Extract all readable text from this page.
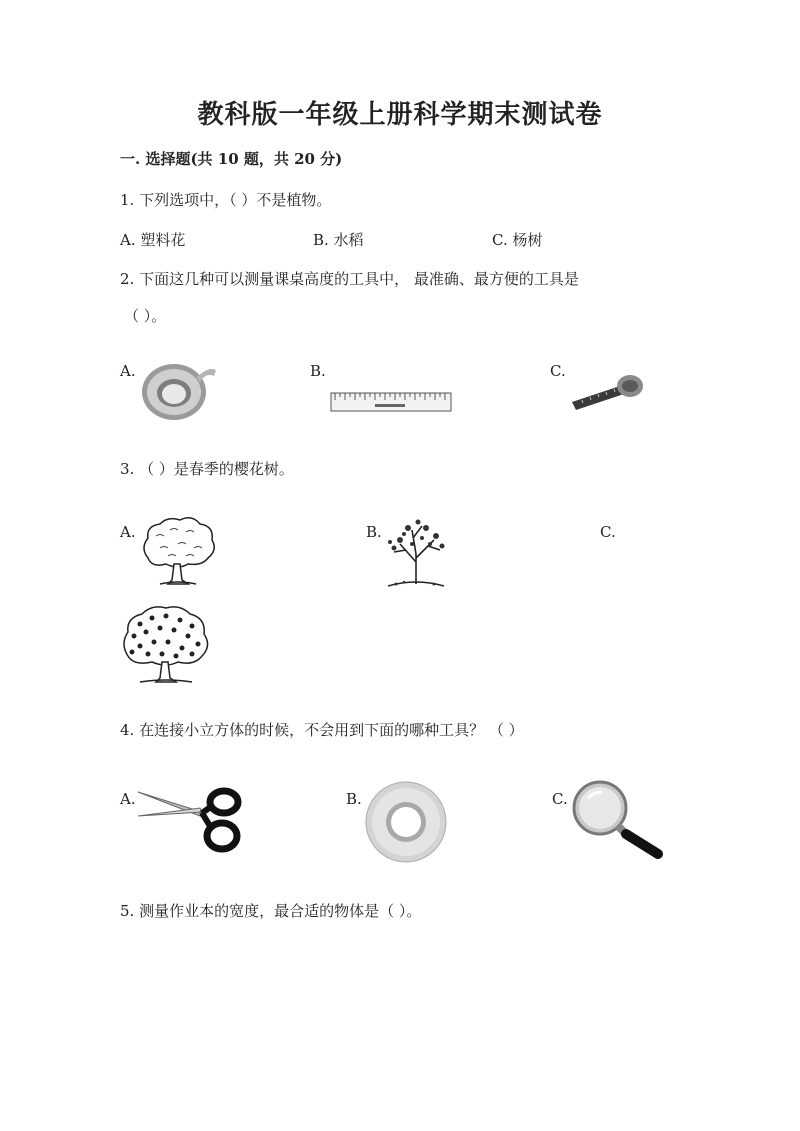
教科版一年级上册科学期末测试卷
一. 选择题(共 10 题，共 20 分)
1. 下列选项中，（ ）不是植物。
A. 塑料花	B. 水稻	C. 杨树
2. 下面这几种可以测量课桌高度的工具中， 最准确、最方便的工具是
（ ）。
A.	B.	C.
3. （ ）是春季的樱花树。
A.	B.	C.
4. 在连接小立方体的时候，不会用到下面的哪种工具？ （ ）
A.	B.	C.
5. 测量作业本的宽度，最合适的物体是（ ）。
